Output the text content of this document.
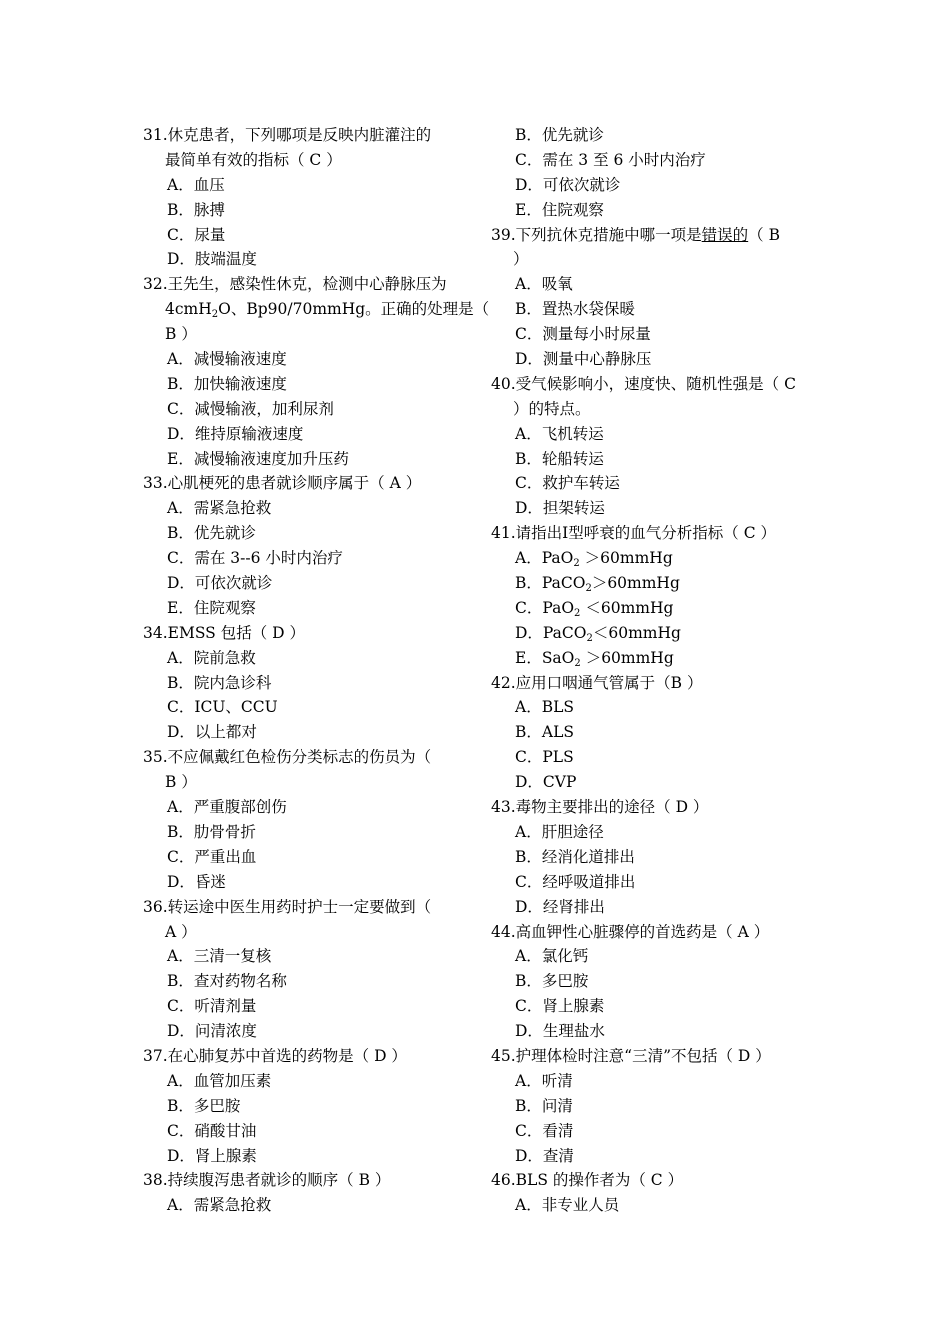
31.休克患者，下列哪项是反映内脏灌注的
最简单有效的指标（ C ）
A．血压
B．脉搏
C．尿量
D．肢端温度
32.王先生，感染性休克，检测中心静脉压为
4cmH$_2$O、Bp90/70mmHg。正确的处理是（
B ）
A．减慢输液速度
B．加快输液速度
C．减慢输液，加利尿剂
D．维持原输液速度
E．减慢输液速度加升压药
33.心肌梗死的患者就诊顺序属于（ A ）
A．需紧急抢救
B．优先就诊
C．需在 3--6 小时内治疗
D．可依次就诊
E．住院观察
34.EMSS 包括（ D ）
A．院前急救
B．院内急诊科
C．ICU、CCU
D．以上都对
35.不应佩戴红色检伤分类标志的伤员为（
B ）
A．严重腹部创伤
B．肋骨骨折
C．严重出血
D．昏迷
36.转运途中医生用药时护士一定要做到（
A ）
A．三清一复核
B．查对药物名称
C．听清剂量
D．问清浓度
37.在心肺复苏中首选的药物是（ D ）
A．血管加压素
B．多巴胺
C．硝酸甘油
D．肾上腺素
38.持续腹泻患者就诊的顺序（ B ）
A．需紧急抢救
B．优先就诊
C．需在 3 至 6 小时内治疗
D．可依次就诊
E．住院观察
39.下列抗休克措施中哪一项是错误的（ B
）
A．吸氧
B．置热水袋保暖
C．测量每小时尿量
D．测量中心静脉压
40.受气候影响小，速度快、随机性强是（ C
）的特点。
A．飞机转运
B．轮船转运
C．救护车转运
D．担架转运
41.请指出Ⅰ型呼衰的血气分析指标（ C ）
A．PaO$_2$ ＞60mmHg
B．PaCO$_2$＞60mmHg
C．PaO$_2$ ＜60mmHg
D．PaCO$_2$＜60mmHg
E．SaO$_2$ ＞60mmHg
42.应用口咽通气管属于（B ）
A．BLS
B．ALS
C．PLS
D．CVP
43.毒物主要排出的途径（ D ）
A．肝胆途径
B．经消化道排出
C．经呼吸道排出
D．经肾排出
44.高血钾性心脏骤停的首选药是（ A ）
A．氯化钙
B．多巴胺
C．肾上腺素
D．生理盐水
45.护理体检时注意“三清”不包括（ D ）
A．听清
B．问清
C．看清
D．查清
46.BLS 的操作者为（ C ）
A．非专业人员
